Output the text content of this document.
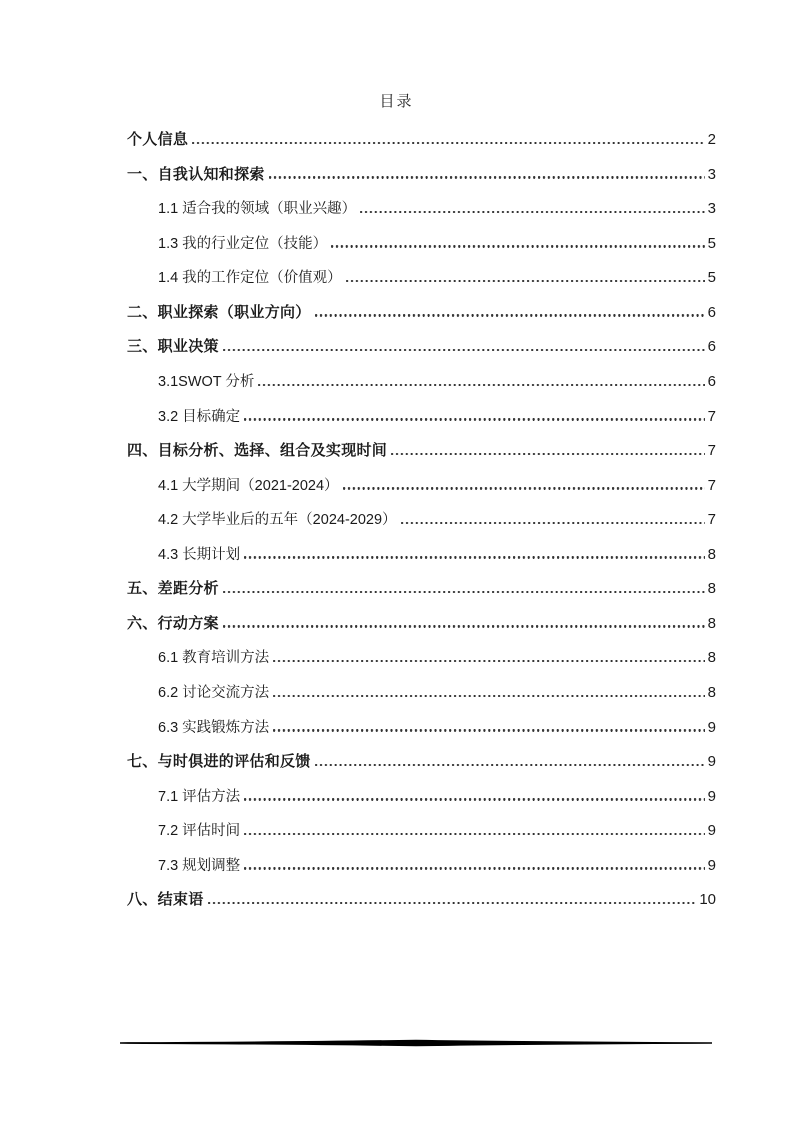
目录
个人信息	2
一、自我认知和探索	3
1.1 适合我的领域（职业兴趣）	3
1.3 我的行业定位（技能）	5
1.4 我的工作定位（价值观）	5
二、职业探索（职业方向）	6
三、职业决策	6
3.1SWOT 分析	6
3.2 目标确定	7
四、目标分析、选择、组合及实现时间	7
4.1 大学期间（2021-2024）	7
4.2 大学毕业后的五年（2024-2029）	7
4.3 长期计划	8
五、差距分析	8
六、行动方案	8
6.1 教育培训方法	8
6.2 讨论交流方法	8
6.3 实践锻炼方法	9
七、与时俱进的评估和反馈	9
7.1 评估方法	9
7.2 评估时间	9
7.3 规划调整	9
八、结束语	10
